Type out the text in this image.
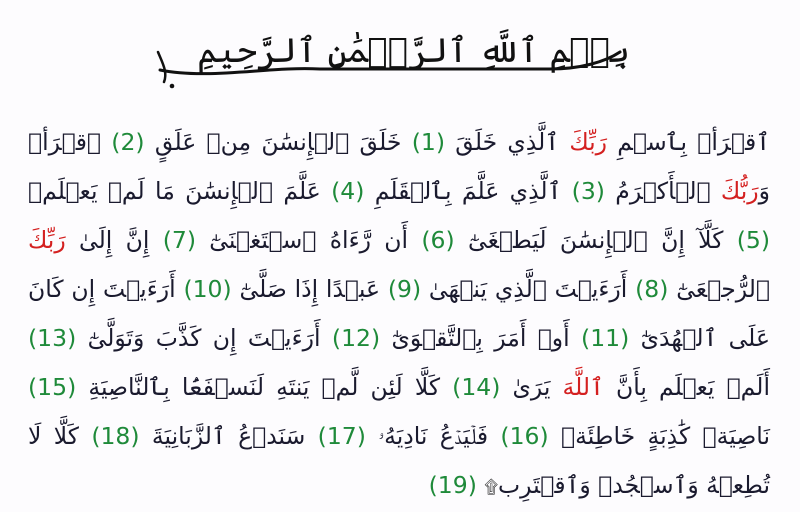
بِسۡمِ ٱللَّهِ ٱلرَّحۡمَٰنِ ٱلرَّحِيمِ
ٱقۡرَأۡ بِٱسۡمِ رَبِّكَ ٱلَّذِي خَلَقَ (1) خَلَقَ ٱلۡإِنسَٰنَ مِنۡ عَلَقٍ (2) ٱقۡرَأۡ وَرَبُّكَ ٱلۡأَكۡرَمُ (3) ٱلَّذِي عَلَّمَ بِٱلۡقَلَمِ (4) عَلَّمَ ٱلۡإِنسَٰنَ مَا لَمۡ يَعۡلَمۡ (5) كَلَّآ إِنَّ ٱلۡإِنسَٰنَ لَيَطۡغَىٰٓ (6) أَن رَّءَاهُ ٱسۡتَغۡنَىٰٓ (7) إِنَّ إِلَىٰ رَبِّكَ ٱلرُّجۡعَىٰٓ (8) أَرَءَيۡتَ ٱلَّذِي يَنۡهَىٰ (9) عَبۡدًا إِذَا صَلَّىٰٓ (10) أَرَءَيۡتَ إِن كَانَ عَلَى ٱلۡهُدَىٰٓ (11) أَوۡ أَمَرَ بِٱلتَّقۡوَىٰٓ (12) أَرَءَيۡتَ إِن كَذَّبَ وَتَوَلَّىٰٓ (13) أَلَمۡ يَعۡلَم بِأَنَّ ٱللَّهَ يَرَىٰ (14) كَلَّا لَئِن لَّمۡ يَنتَهِ لَنَسۡفَعَۢا بِٱلنَّاصِيَةِ (15) نَاصِيَةٖ كَٰذِبَةٍ خَاطِئَةٖ (16) فَلۡيَدۡعُ نَادِيَهُۥ (17) سَنَدۡعُ ٱلزَّبَانِيَةَ (18) كَلَّا لَا تُطِعۡهُ وَٱسۡجُدۡ وَٱقۡتَرِب۩ (19)
